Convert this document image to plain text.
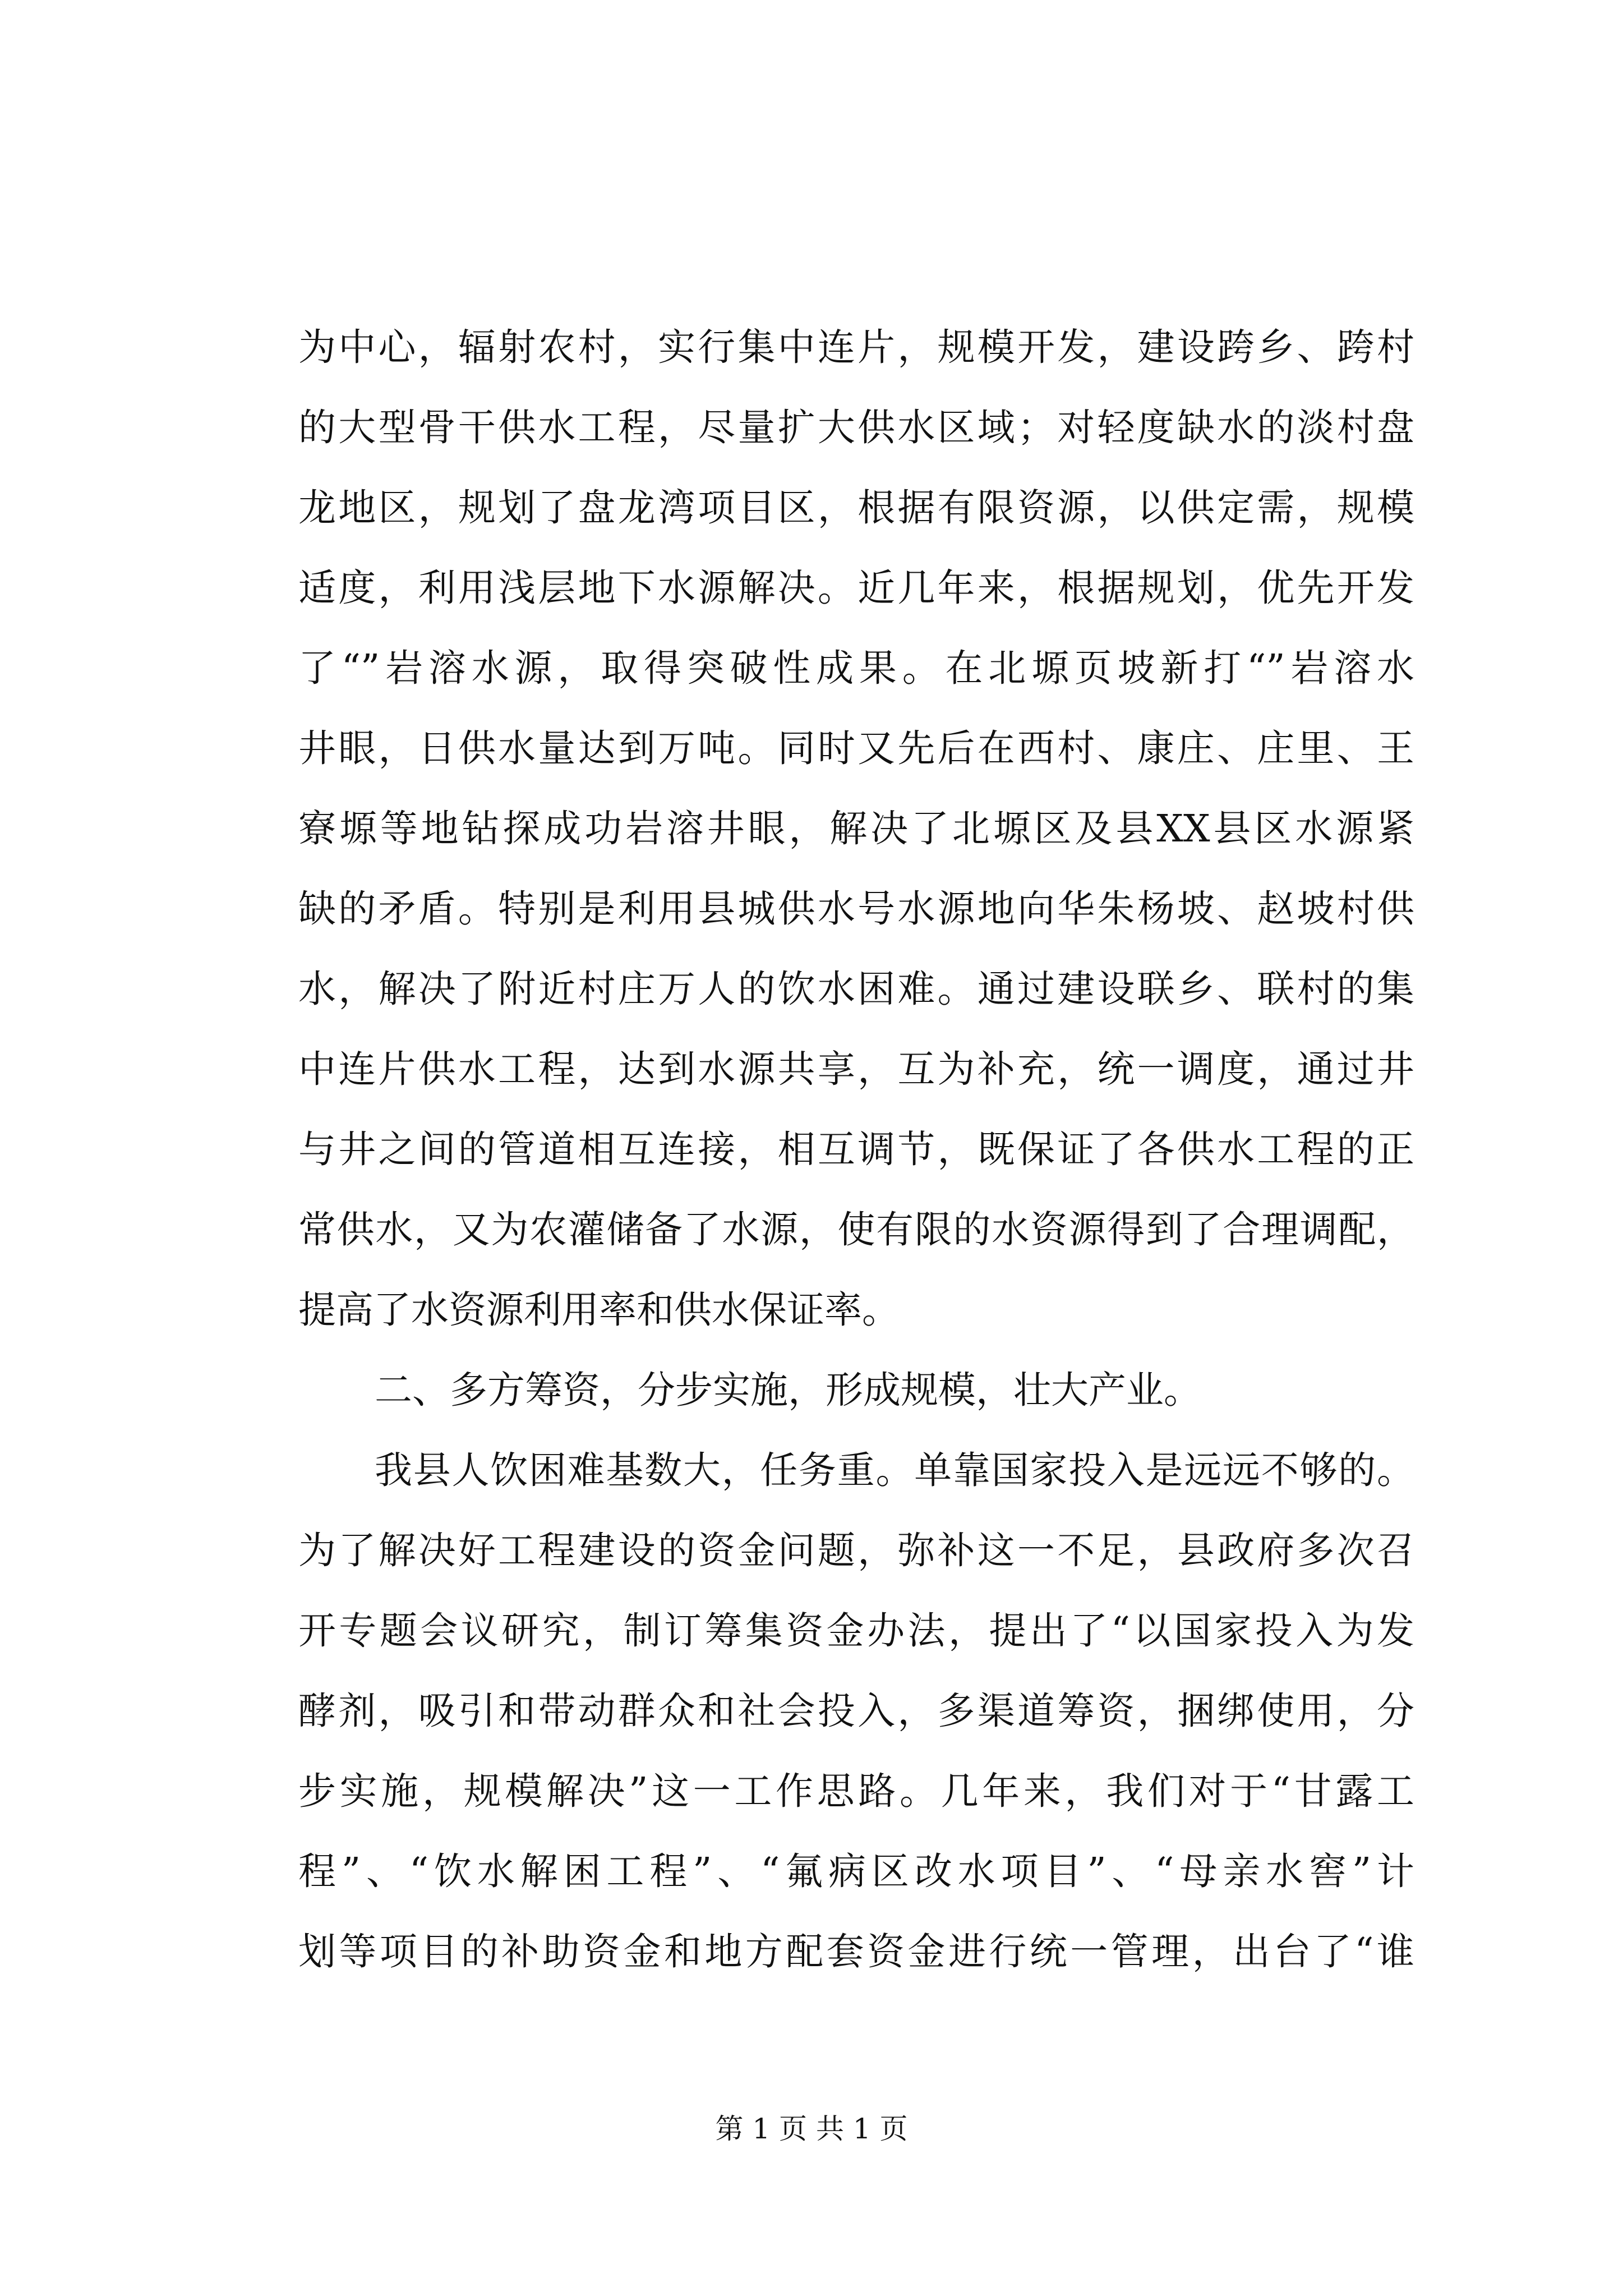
为中心，辐射农村，实行集中连片，规模开发，建设跨乡、跨村
的大型骨干供水工程，尽量扩大供水区域；对轻度缺水的淡村盘
龙地区，规划了盘龙湾项目区，根据有限资源，以供定需，规模
适度，利用浅层地下水源解决。近几年来，根据规划，优先开发
了“”岩溶水源，取得突破性成果。在北塬页坡新打“”岩溶水
井眼，日供水量达到万吨。同时又先后在西村、康庄、庄里、王
寮塬等地钻探成功岩溶井眼，解决了北塬区及县XX县区水源紧
缺的矛盾。特别是利用县城供水号水源地向华朱杨坡、赵坡村供
水，解决了附近村庄万人的饮水困难。通过建设联乡、联村的集
中连片供水工程，达到水源共享，互为补充，统一调度，通过井
与井之间的管道相互连接，相互调节，既保证了各供水工程的正
常供水，又为农灌储备了水源，使有限的水资源得到了合理调配，
提高了水资源利用率和供水保证率。
二、多方筹资，分步实施，形成规模，壮大产业。
我县人饮困难基数大，任务重。单靠国家投入是远远不够的。
为了解决好工程建设的资金问题，弥补这一不足，县政府多次召
开专题会议研究，制订筹集资金办法，提出了“以国家投入为发
酵剂，吸引和带动群众和社会投入，多渠道筹资，捆绑使用，分
步实施，规模解决”这一工作思路。几年来，我们对于“甘露工
程”、“饮水解困工程”、“氟病区改水项目”、“母亲水窖”计
划等项目的补助资金和地方配套资金进行统一管理，出台了“谁
第 1 页 共 1 页
